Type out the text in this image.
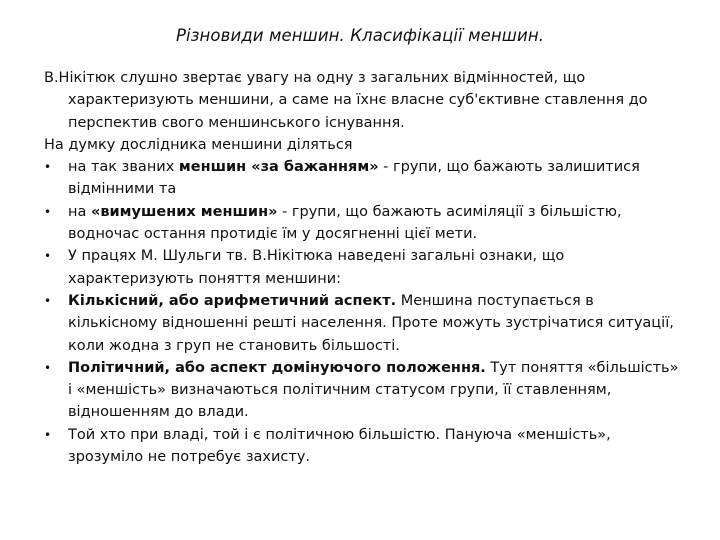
Різновиди меншин. Класифікації меншин.
В.Нікітюк слушно звертає увагу на одну з загальних відмінностей, що характеризують меншини, а саме на їхнє власне суб'єктивне ставлення до перспектив свого меншинського існування.
На думку дослідника меншини діляться
•	на так званих меншин «за бажанням» - групи, що бажають залишитися відмінними та
•	на «вимушених меншин» - групи, що бажають асиміляції з більшістю, водночас остання протидіє їм у досягненні цієї мети.
•	У працях М. Шульги тв. В.Нікітюка наведені загальні ознаки, що характеризують поняття меншини:
•	Кількісний, або арифметичний аспект. Меншина поступається в кількісному відношенні решті населення. Проте можуть зустрічатися ситуації, коли жодна з груп не становить більшості.
•	Політичний, або аспект домінуючого положення. Тут поняття «більшість» і «меншість» визначаються політичним статусом групи, її ставленням, відношенням до влади.
•	Той хто при владі, той і є політичною більшістю. Пануюча «меншість», зрозуміло не потребує захисту.
